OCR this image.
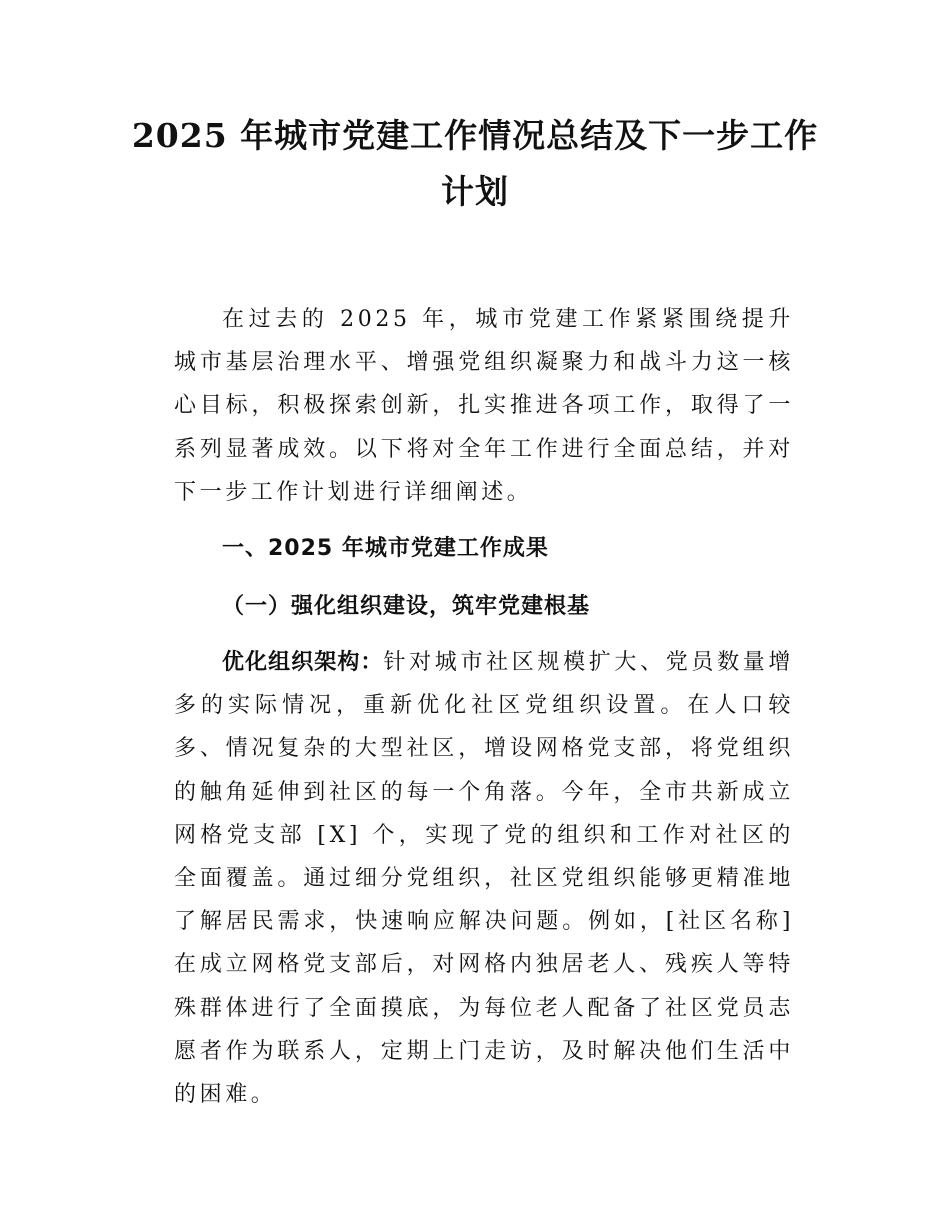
2025 年城市党建工作情况总结及下一步工作
计划

在过去的 2025 年，城市党建工作紧紧围绕提升城市基层治理水平、增强党组织凝聚力和战斗力这一核心目标，积极探索创新，扎实推进各项工作，取得了一系列显著成效。以下将对全年工作进行全面总结，并对下一步工作计划进行详细阐述。

一、2025 年城市党建工作成果
（一）强化组织建设，筑牢党建根基

优化组织架构：针对城市社区规模扩大、党员数量增多的实际情况，重新优化社区党组织设置。在人口较多、情况复杂的大型社区，增设网格党支部，将党组织的触角延伸到社区的每一个角落。今年，全市共新成立网格党支部 [X] 个，实现了党的组织和工作对社区的全面覆盖。通过细分党组织，社区党组织能够更精准地了解居民需求，快速响应解决问题。例如，[社区名称] 在成立网格党支部后，对网格内独居老人、残疾人等特殊群体进行了全面摸底，为每位老人配备了社区党员志愿者作为联系人，定期上门走访，及时解决他们生活中的困难。
